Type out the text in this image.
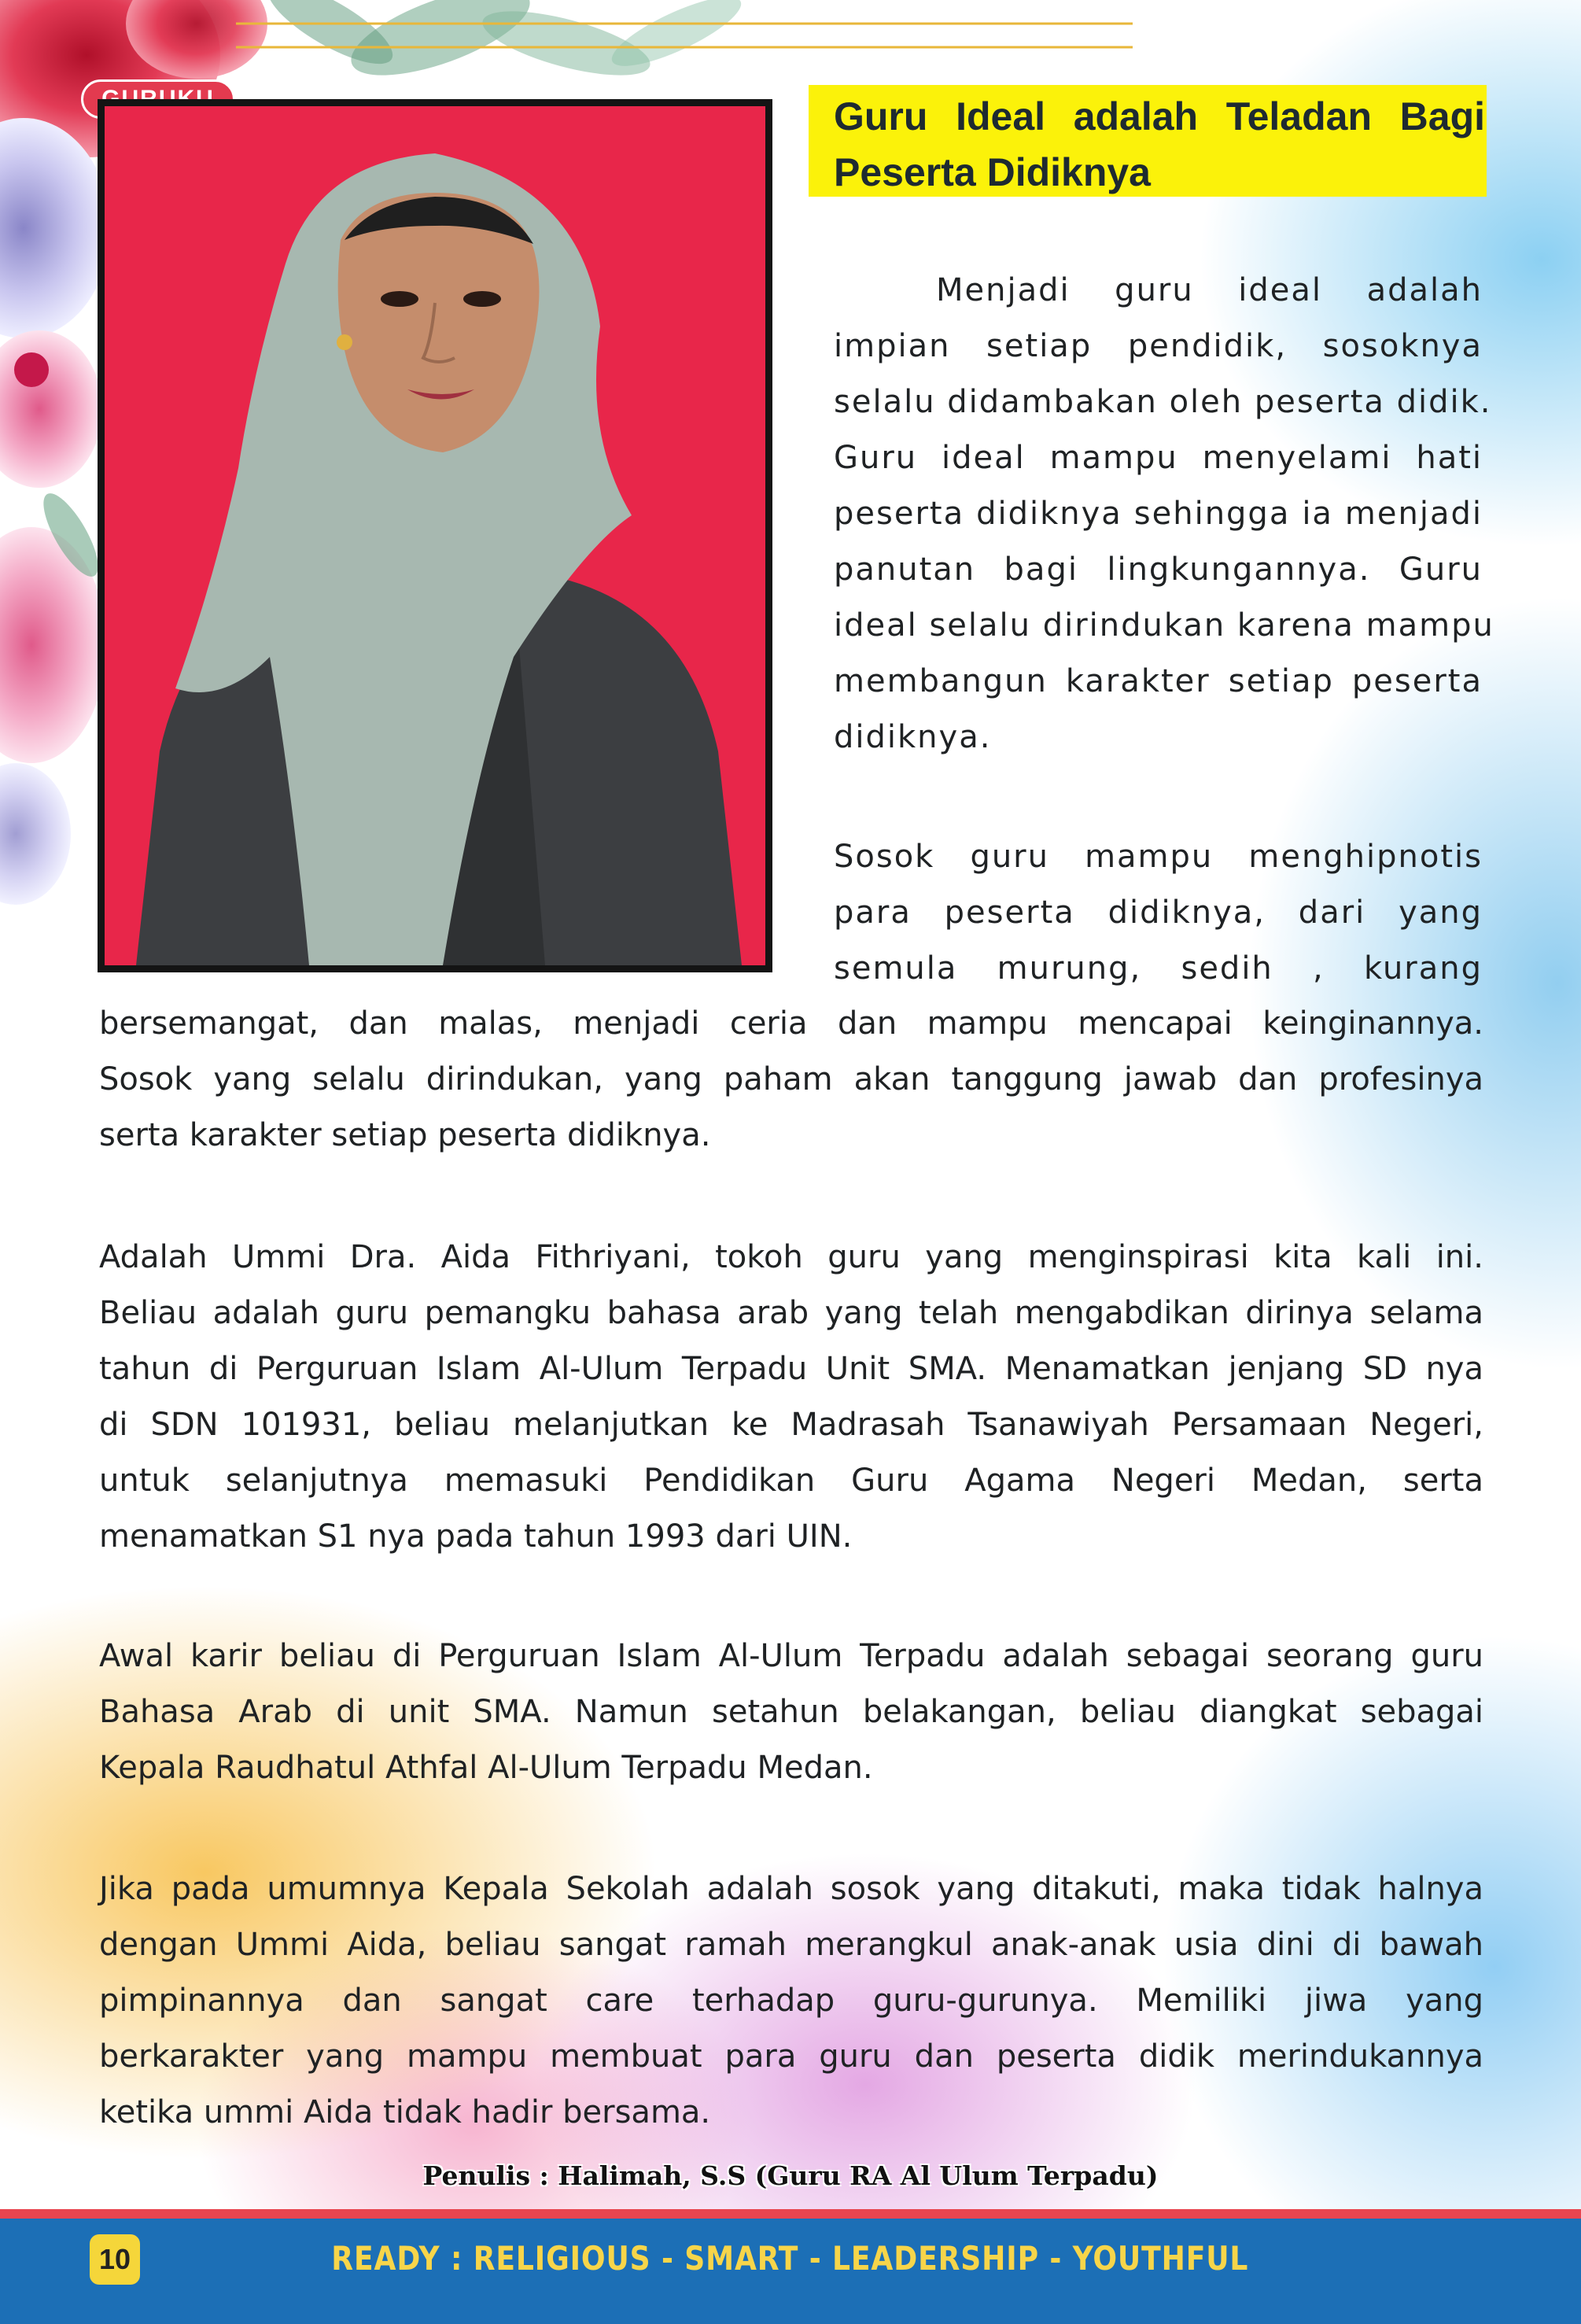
Guru Ideal adalah Teladan Bagi
Peserta Didiknya

Menjadi guru ideal adalah
impian setiap pendidik, sosoknya
selalu didambakan oleh peserta didik.
Guru ideal mampu menyelami hati
peserta didiknya sehingga ia menjadi
panutan bagi lingkungannya. Guru
ideal selalu dirindukan karena mampu
membangun karakter setiap peserta
didiknya.

Sosok guru mampu menghipnotis
para peserta didiknya, dari yang
semula murung, sedih , kurang

bersemangat, dan malas, menjadi ceria dan mampu mencapai keinginannya.
Sosok yang selalu dirindukan, yang paham akan tanggung jawab dan profesinya
serta karakter setiap peserta didiknya.

Adalah Ummi Dra. Aida Fithriyani, tokoh guru yang menginspirasi kita kali ini.
Beliau adalah guru pemangku bahasa arab yang telah mengabdikan dirinya selama
tahun di Perguruan Islam Al-Ulum Terpadu Unit SMA. Menamatkan jenjang SD nya
di SDN 101931, beliau melanjutkan ke Madrasah Tsanawiyah Persamaan Negeri,
untuk selanjutnya memasuki Pendidikan Guru Agama Negeri Medan, serta
menamatkan S1 nya pada tahun 1993 dari UIN.

Awal karir beliau di Perguruan Islam Al-Ulum Terpadu adalah sebagai seorang guru
Bahasa Arab di unit SMA. Namun setahun belakangan, beliau diangkat sebagai
Kepala Raudhatul Athfal Al-Ulum Terpadu Medan.

Jika pada umumnya Kepala Sekolah adalah sosok yang ditakuti, maka tidak halnya
dengan Ummi Aida, beliau sangat ramah merangkul anak-anak usia dini di bawah
pimpinannya dan sangat care terhadap guru-gurunya. Memiliki jiwa yang
berkarakter yang mampu membuat para guru dan peserta didik merindukannya
ketika ummi Aida tidak hadir bersama.

Penulis : Halimah, S.S (Guru RA Al Ulum Terpadu)
10	READY : RELIGIOUS - SMART - LEADERSHIP - YOUTHFUL
